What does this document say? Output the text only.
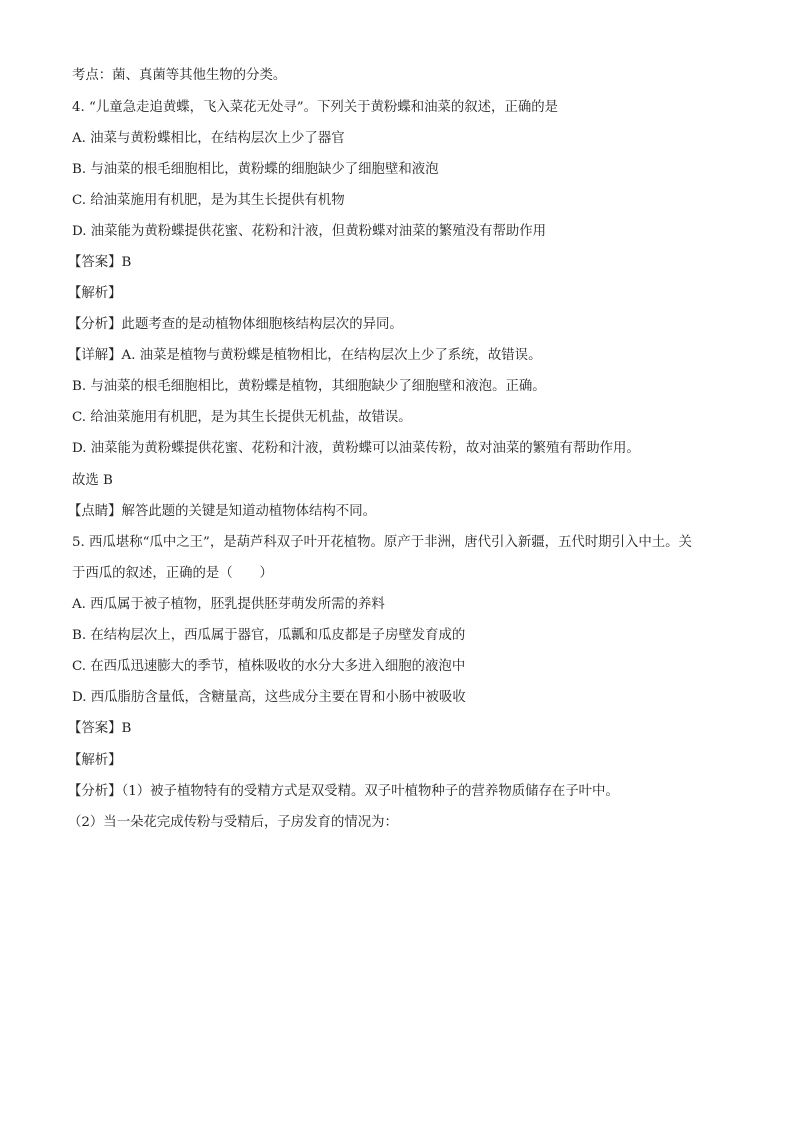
考点：菌、真菌等其他生物的分类。
4. “儿童急走追黄蝶，飞入菜花无处寻”。下列关于黄粉蝶和油菜的叙述，正确的是
A. 油菜与黄粉蝶相比，在结构层次上少了器官
B. 与油菜的根毛细胞相比，黄粉蝶的细胞缺少了细胞壁和液泡
C. 给油菜施用有机肥，是为其生长提供有机物
D. 油菜能为黄粉蝶提供花蜜、花粉和汁液，但黄粉蝶对油菜的繁殖没有帮助作用
【答案】B
【解析】
【分析】此题考查的是动植物体细胞核结构层次的异同。
【详解】A. 油菜是植物与黄粉蝶是植物相比，在结构层次上少了系统，故错误。
B. 与油菜的根毛细胞相比，黄粉蝶是植物，其细胞缺少了细胞壁和液泡。正确。
C. 给油菜施用有机肥，是为其生长提供无机盐，故错误。
D. 油菜能为黄粉蝶提供花蜜、花粉和汁液，黄粉蝶可以油菜传粉，故对油菜的繁殖有帮助作用。
故选 B
【点睛】解答此题的关键是知道动植物体结构不同。
5. 西瓜堪称“瓜中之王”，是葫芦科双子叶开花植物。原产于非洲，唐代引入新疆，五代时期引入中土。关
于西瓜的叙述，正确的是（　　）
A. 西瓜属于被子植物，胚乳提供胚芽萌发所需的养料
B. 在结构层次上，西瓜属于器官，瓜瓤和瓜皮都是子房壁发育成的
C. 在西瓜迅速膨大的季节，植株吸收的水分大多进入细胞的液泡中
D. 西瓜脂肪含量低，含糖量高，这些成分主要在胃和小肠中被吸收
【答案】B
【解析】
【分析】（1）被子植物特有的受精方式是双受精。双子叶植物种子的营养物质储存在子叶中。
（2）当一朵花完成传粉与受精后，子房发育的情况为：
